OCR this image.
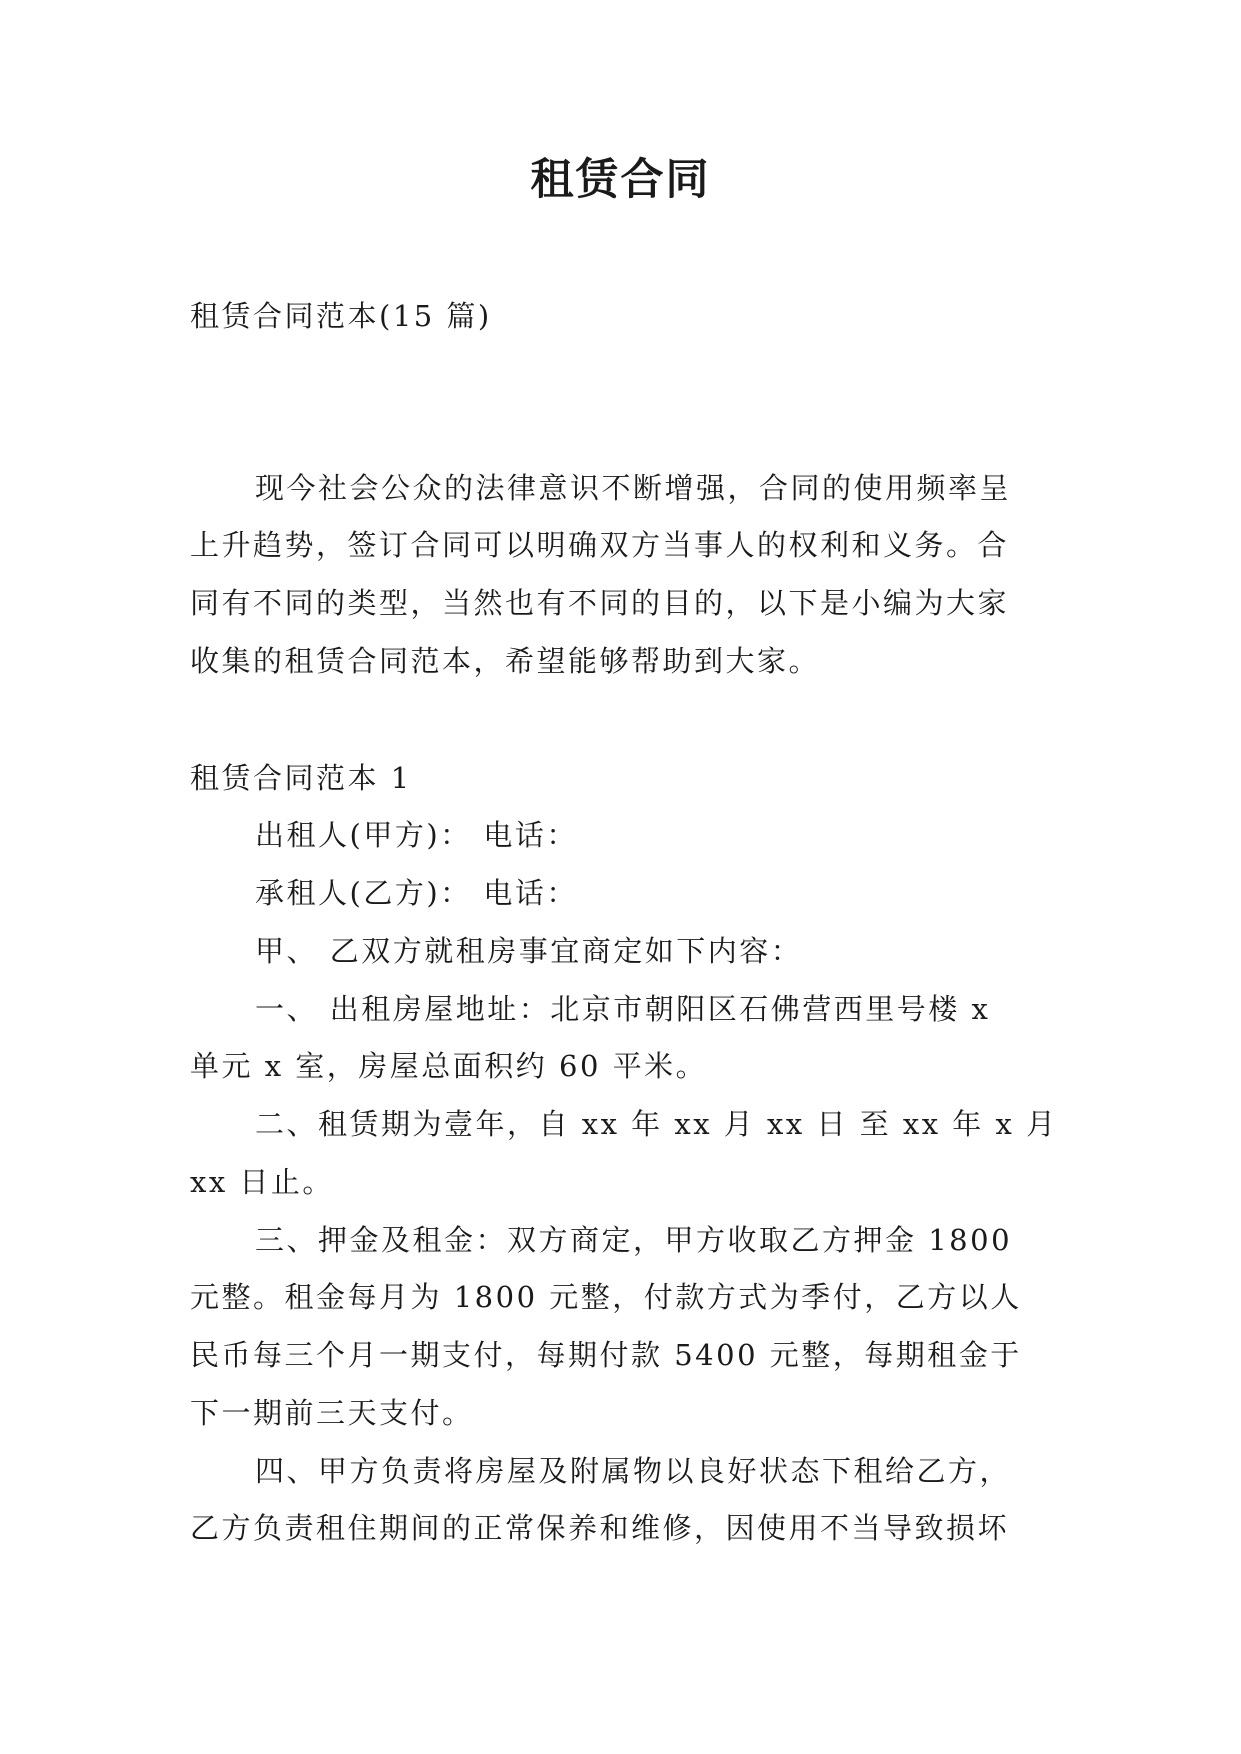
租赁合同
租赁合同范本(15 篇)
现今社会公众的法律意识不断增强，合同的使用频率呈
上升趋势，签订合同可以明确双方当事人的权利和义务。合
同有不同的类型，当然也有不同的目的，以下是小编为大家
收集的租赁合同范本，希望能够帮助到大家。
租赁合同范本 1
出租人(甲方)： 电话：
承租人(乙方)： 电话：
甲、 乙双方就租房事宜商定如下内容：
一、 出租房屋地址：北京市朝阳区石佛营西里号楼 x
单元 x 室，房屋总面积约 60 平米。
二、租赁期为壹年，自 xx 年 xx 月 xx 日 至 xx 年 x 月
xx 日止。
三、押金及租金：双方商定，甲方收取乙方押金 1800
元整。租金每月为 1800 元整，付款方式为季付，乙方以人
民币每三个月一期支付，每期付款 5400 元整，每期租金于
下一期前三天支付。
四、甲方负责将房屋及附属物以良好状态下租给乙方，
乙方负责租住期间的正常保养和维修，因使用不当导致损坏
